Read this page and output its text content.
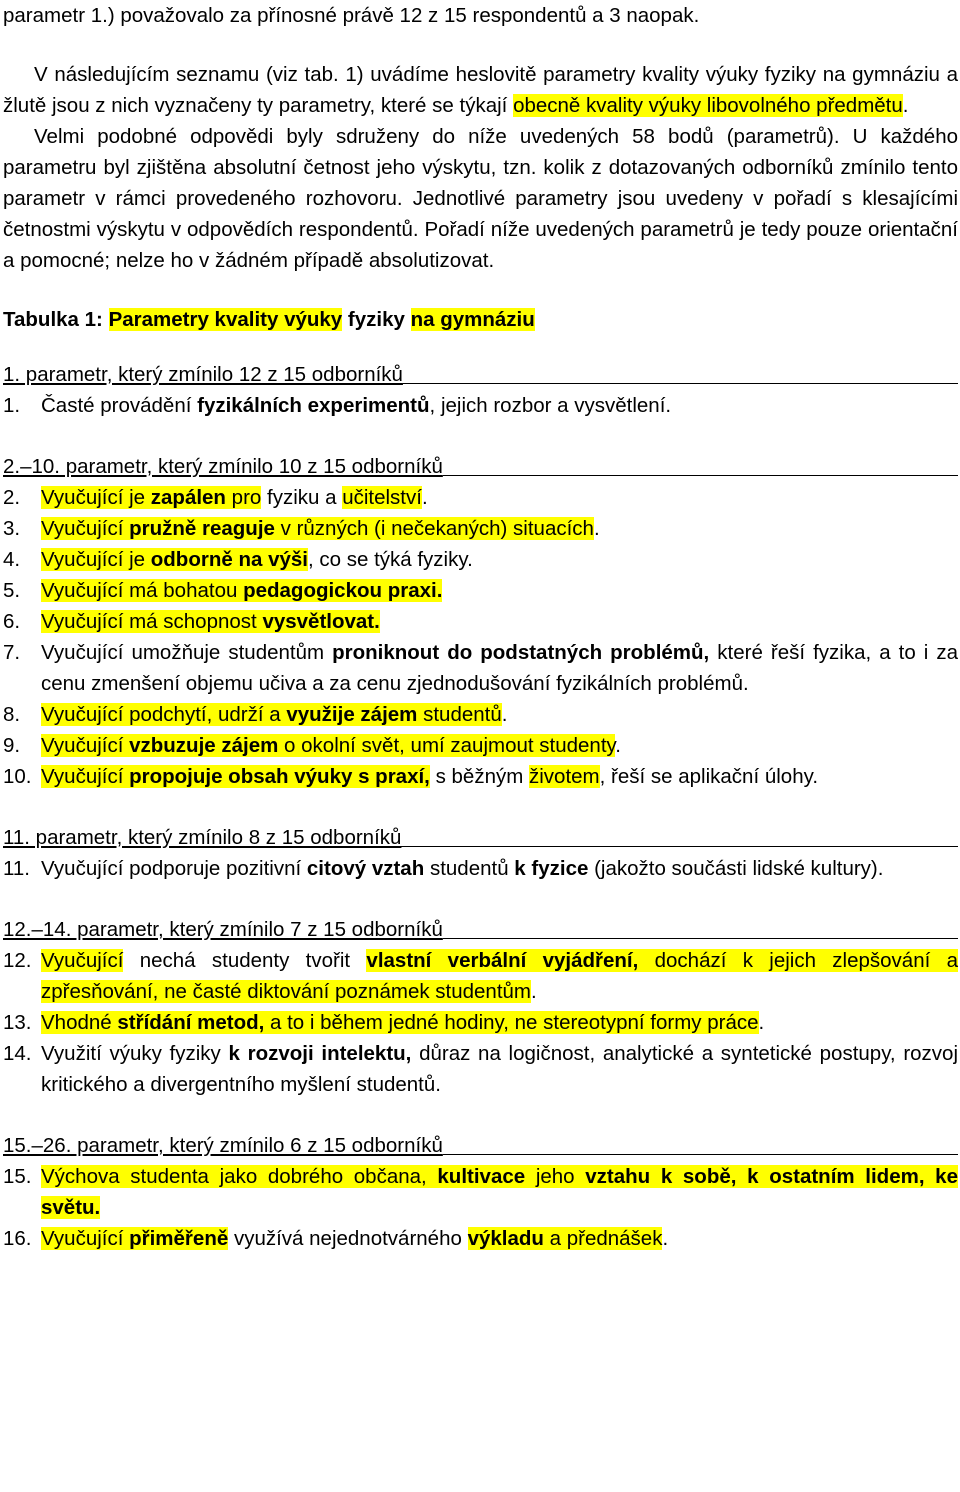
parametr 1.) považovalo za přínosné právě 12 z 15 respondentů a 3 naopak.

V následujícím seznamu (viz tab. 1) uvádíme heslovitě parametry kvality výuky fyziky na gymnáziu a žlutě jsou z nich vyznačeny ty parametry, které se týkají obecně kvality výuky libovolného předmětu.

Velmi podobné odpovědi byly sdruženy do níže uvedených 58 bodů (parametrů). U každého parametru byl zjištěna absolutní četnost jeho výskytu, tzn. kolik z dotazovaných odborníků zmínilo tento parametr v rámci provedeného rozhovoru. Jednotlivé parametry jsou uvedeny v pořadí s klesajícími četnostmi výskytu v odpovědích respondentů. Pořadí níže uvedených parametrů je tedy pouze orientační a pomocné; nelze ho v žádném případě absolutizovat.

Tabulka 1: Parametry kvality výuky fyziky na gymnáziu

1. parametr, který zmínilo 12 z 15 odborníků
1.	Časté provádění fyzikálních experimentů, jejich rozbor a vysvětlení.
2.–10. parametr, který zmínilo 10 z 15 odborníků
2.	Vyučující je zapálen pro fyziku a učitelství.
3.	Vyučující pružně reaguje v různých (i nečekaných) situacích.
4.	Vyučující je odborně na výši, co se týká fyziky.
5.	Vyučující má bohatou pedagogickou praxi.
6.	Vyučující má schopnost vysvětlovat.
7.	Vyučující umožňuje studentům proniknout do podstatných problémů, které řeší fyzika, a to i za cenu zmenšení objemu učiva a za cenu zjednodušování fyzikálních problémů.
8.	Vyučující podchytí, udrží a využije zájem studentů.
9.	Vyučující vzbuzuje zájem o okolní svět, umí zaujmout studenty.
10. Vyučující propojuje obsah výuky s praxí, s běžným životem, řeší se aplikační úlohy.
11. parametr, který zmínilo 8 z 15 odborníků
11. Vyučující podporuje pozitivní citový vztah studentů k fyzice (jakožto součásti lidské kultury).
12.–14. parametr, který zmínilo 7 z 15 odborníků
12. Vyučující nechá studenty tvořit vlastní verbální vyjádření, dochází k jejich zlepšování a zpřesňování, ne časté diktování poznámek studentům.
13. Vhodné střídání metod, a to i během jedné hodiny, ne stereotypní formy práce.
14. Využití výuky fyziky k rozvoji intelektu, důraz na logičnost, analytické a syntetické postupy, rozvoj kritického a divergentního myšlení studentů.
15.–26. parametr, který zmínilo 6 z 15 odborníků
15. Výchova studenta jako dobrého občana, kultivace jeho vztahu k sobě, k ostatním lidem, ke světu.
16. Vyučující přiměřeně využívá nejednotvárného výkladu a přednášek.
